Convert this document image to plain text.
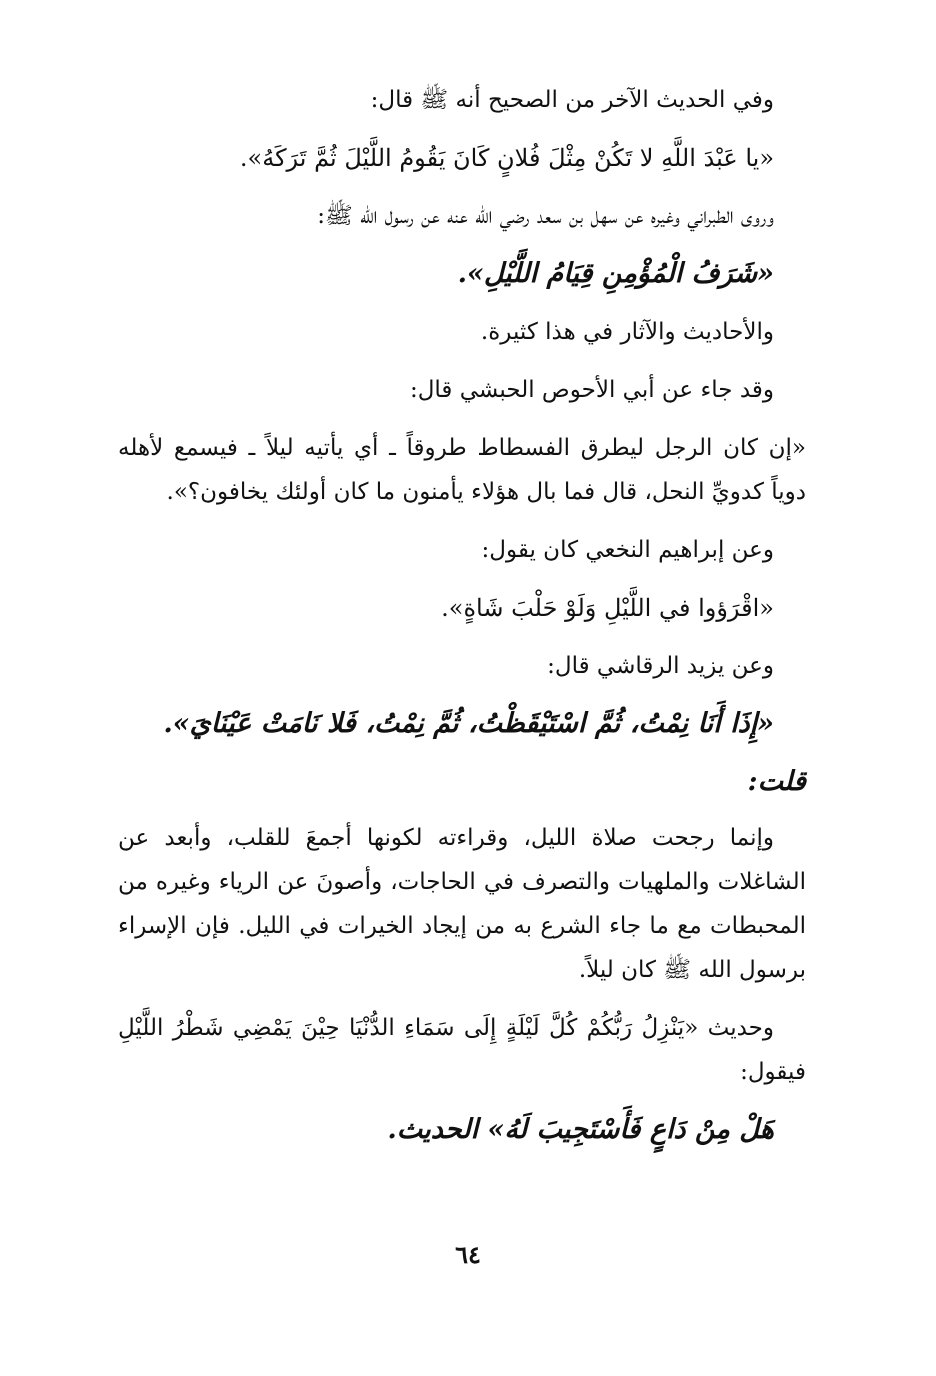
وفي الحديث الآخر من الصحيح أنه ﷺ قال:

«يا عَبْدَ اللَّهِ لا تَكُنْ مِثْلَ فُلانٍ كَانَ يَقُومُ اللَّيْلَ ثُمَّ تَرَكَهُ».

وروى الطبراني وغيره عن سهل بن سعد رضي الله عنه عن رسول الله ﷺ:

«شَرَفُ الْمُؤْمِنِ قِيَامُ اللَّيْلِ».

والأحاديث والآثار في هذا كثيرة.

وقد جاء عن أبي الأحوص الحبشي قال:

«إن كان الرجل ليطرق الفسطاط طروقاً ـ أي يأتيه ليلاً ـ فيسمع لأهله دوياً كدويِّ النحل، قال فما بال هؤلاء يأمنون ما كان أولئك يخافون؟».

وعن إبراهيم النخعي كان يقول:

«اقْرَؤوا في اللَّيْلِ وَلَوْ حَلْبَ شَاةٍ».

وعن يزيد الرقاشي قال:

«إِذَا أَنَا نِمْتُ، ثُمَّ اسْتَيْقَظْتُ، ثُمَّ نِمْتُ، فَلا نَامَتْ عَيْنَايَ».

قلت:

وإنما رجحت صلاة الليل، وقراءته لكونها أجمعَ للقلب، وأبعد عن الشاغلات والملهيات والتصرف في الحاجات، وأصونَ عن الرياء وغيره من المحبطات مع ما جاء الشرع به من إيجاد الخيرات في الليل. فإن الإسراء برسول الله ﷺ كان ليلاً.

وحديث «يَنْزِلُ رَبُّكُمْ كُلَّ لَيْلَةٍ إِلَى سَمَاءِ الدُّنْيَا حِيْنَ يَمْضِي شَطْرُ اللَّيْلِ فيقول:

هَلْ مِنْ دَاعٍ فَأَسْتَجِيبَ لَهُ» الحديث.

٦٤
